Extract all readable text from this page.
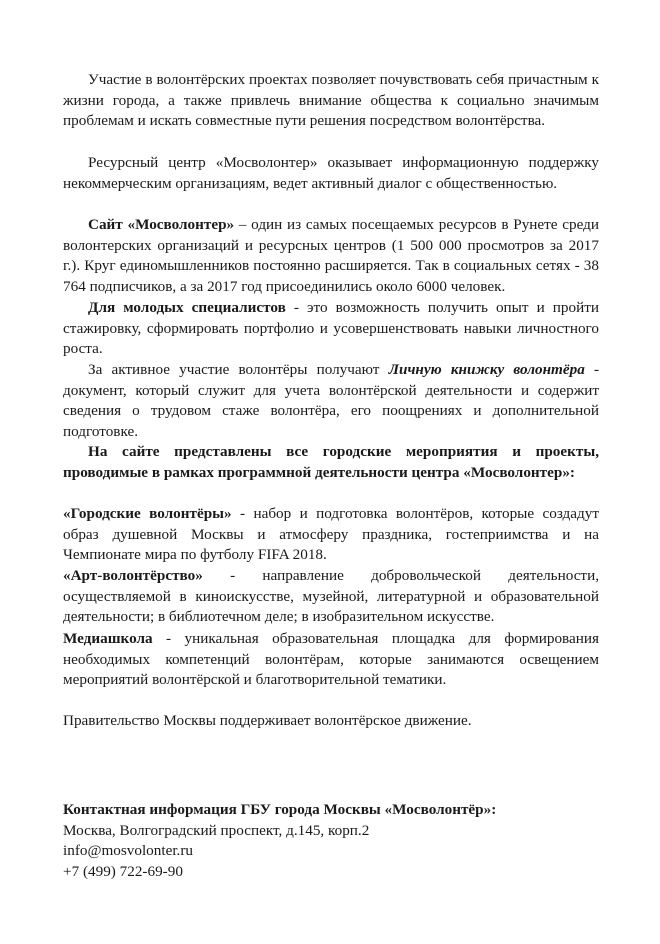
Участие в волонтёрских проектах позволяет почувствовать себя причастным к жизни города, а также привлечь внимание общества к социально значимым проблемам и искать совместные пути решения посредством волонтёрства.

Ресурсный центр «Мосволонтер» оказывает информационную поддержку некоммерческим организациям, ведет активный диалог с общественностью.

Сайт «Мосволонтер» – один из самых посещаемых ресурсов в Рунете среди волонтерских организаций и ресурсных центров (1 500 000 просмотров за 2017 г.). Круг единомышленников постоянно расширяется. Так в социальных сетях - 38 764 подписчиков, а за 2017 год присоединились около 6000 человек.

Для молодых специалистов - это возможность получить опыт и пройти стажировку, сформировать портфолио и усовершенствовать навыки личностного роста.

За активное участие волонтёры получают Личную книжку волонтёра - документ, который служит для учета волонтёрской деятельности и содержит сведения о трудовом стаже волонтёра, его поощрениях и дополнительной подготовке.

На сайте представлены все городские мероприятия и проекты, проводимые в рамках программной деятельности центра «Мосволонтер»:

«Городские волонтёры» - набор и подготовка волонтёров, которые создадут образ душевной Москвы и атмосферу праздника, гостеприимства и на Чемпионате мира по футболу FIFA 2018.

«Арт-волонтёрство» - направление добровольческой деятельности, осуществляемой в киноискусстве, музейной, литературной и образовательной деятельности; в библиотечном деле; в изобразительном искусстве.

Медиашкола - уникальная образовательная площадка для формирования необходимых компетенций волонтёрам, которые занимаются освещением мероприятий волонтёрской и благотворительной тематики.

Правительство Москвы поддерживает волонтёрское движение.

Контактная информация ГБУ города Москвы «Мосволонтёр»:
Москва, Волгоградский проспект, д.145, корп.2
info@mosvolonter.ru
+7 (499) 722-69-90
